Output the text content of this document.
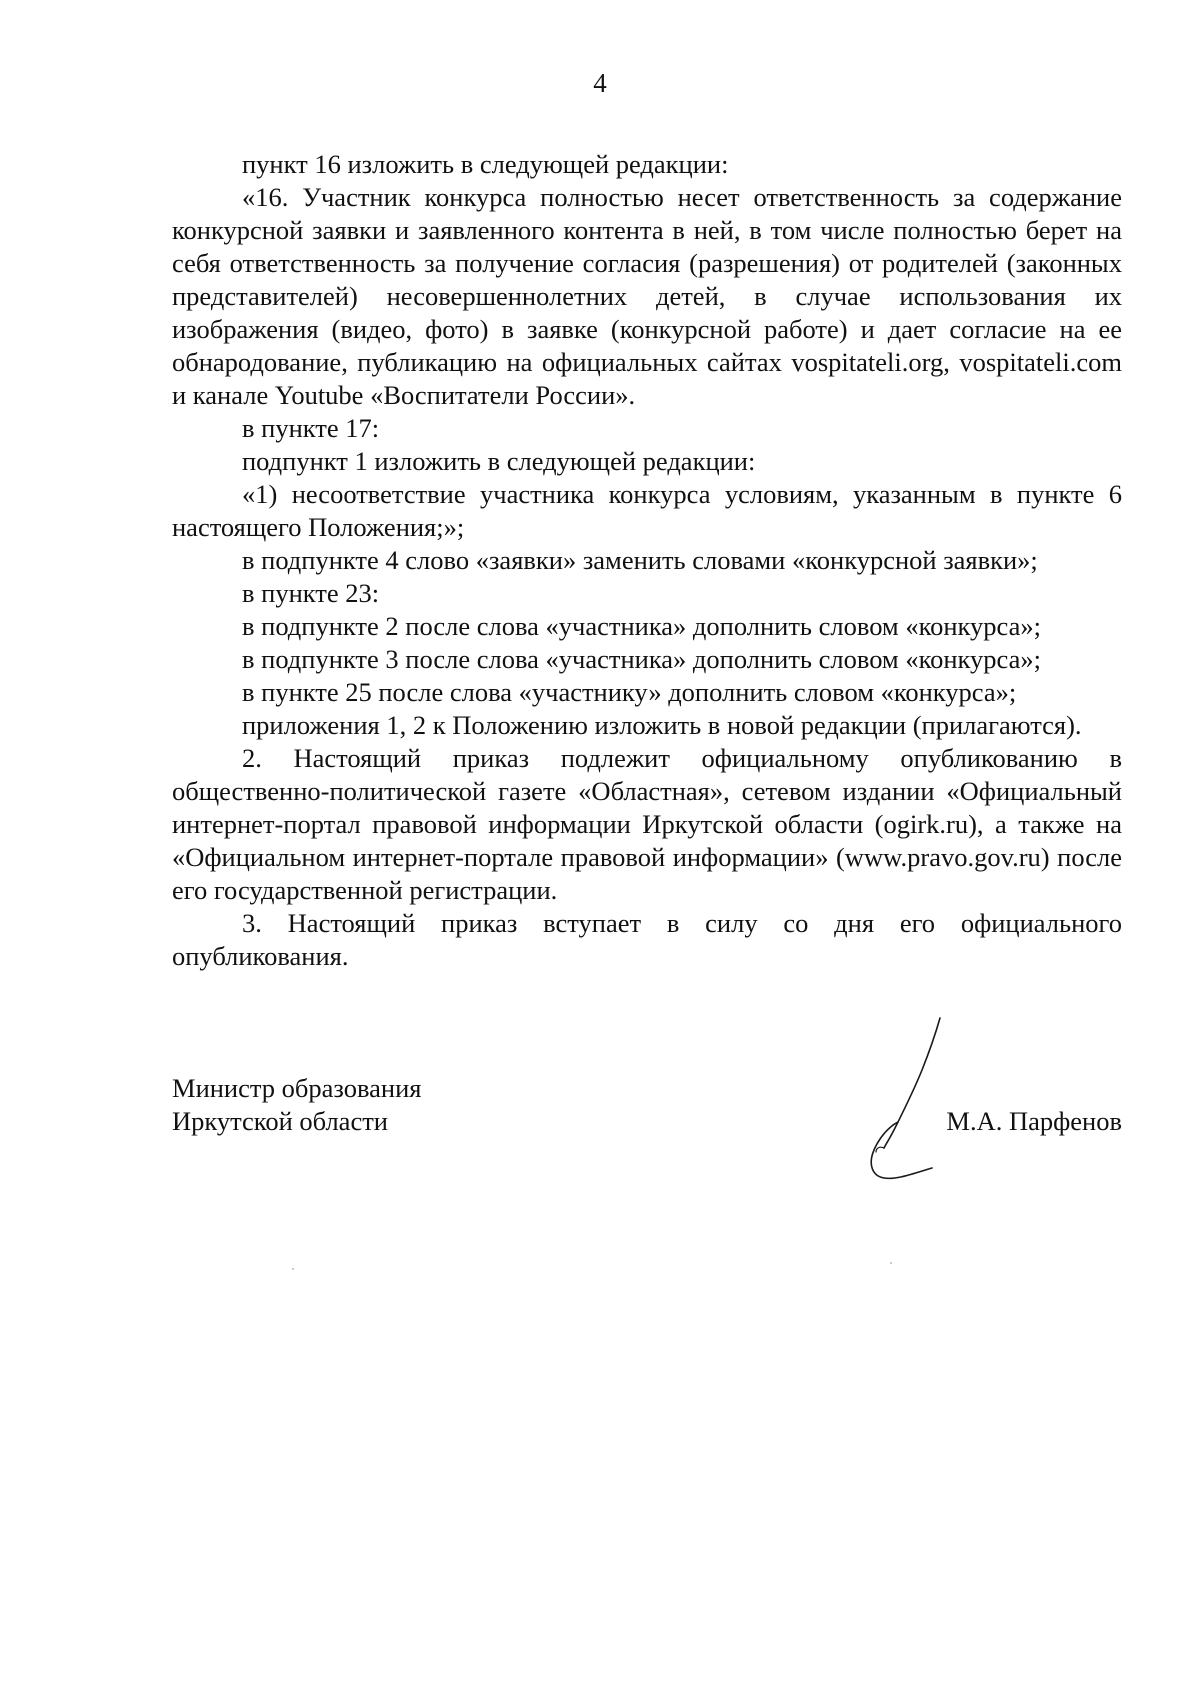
4

пункт 16 изложить в следующей редакции:

«16. Участник конкурса полностью несет ответственность за содержание конкурсной заявки и заявленного контента в ней, в том числе полностью берет на себя ответственность за получение согласия (разрешения) от родителей (законных представителей) несовершеннолетних детей, в случае использования их изображения (видео, фото) в заявке (конкурсной работе) и дает согласие на ее обнародование, публикацию на официальных сайтах vospitateli.org, vospitateli.com и канале Youtube «Воспитатели России».

в пункте 17:

подпункт 1 изложить в следующей редакции:

«1) несоответствие участника конкурса условиям, указанным в пункте 6 настоящего Положения;»;

в подпункте 4 слово «заявки» заменить словами «конкурсной заявки»;

в пункте 23:

в подпункте 2 после слова «участника» дополнить словом «конкурса»;

в подпункте 3 после слова «участника» дополнить словом «конкурса»;

в пункте 25 после слова «участнику» дополнить словом «конкурса»;

приложения 1, 2 к Положению изложить в новой редакции (прилагаются).

2. Настоящий приказ подлежит официальному опубликованию в общественно-политической газете «Областная», сетевом издании «Официальный интернет-портал правовой информации Иркутской области (ogirk.ru), а также на «Официальном интернет-портале правовой информации» (www.pravo.gov.ru) после его государственной регистрации.

3. Настоящий приказ вступает в силу со дня его официального опубликования.

Министр образования
Иркутской области	М.А. Парфенов
